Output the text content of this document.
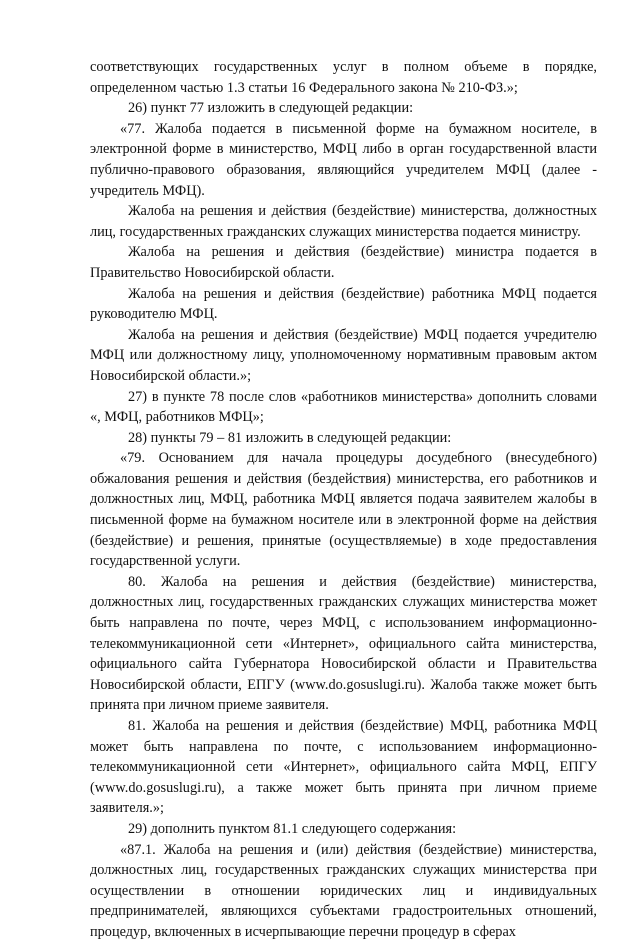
соответствующих государственных услуг в полном объеме в порядке, определенном частью 1.3 статьи 16 Федерального закона № 210-ФЗ.»;

26) пункт 77 изложить в следующей редакции:

«77. Жалоба подается в письменной форме на бумажном носителе, в электронной форме в министерство, МФЦ либо в орган государственной власти публично-правового образования, являющийся учредителем МФЦ (далее - учредитель МФЦ).

Жалоба на решения и действия (бездействие) министерства, должностных лиц, государственных гражданских служащих министерства подается министру.

Жалоба на решения и действия (бездействие) министра подается в Правительство Новосибирской области.

Жалоба на решения и действия (бездействие) работника МФЦ подается руководителю МФЦ.

Жалоба на решения и действия (бездействие) МФЦ подается учредителю МФЦ или должностному лицу, уполномоченному нормативным правовым актом Новосибирской области.»;

27) в пункте 78 после слов «работников министерства» дополнить словами «, МФЦ, работников МФЦ»;

28) пункты 79 – 81 изложить в следующей редакции:

«79. Основанием для начала процедуры досудебного (внесудебного) обжалования решения и действия (бездействия) министерства, его работников и должностных лиц, МФЦ, работника МФЦ является подача заявителем жалобы в письменной форме на бумажном носителе или в электронной форме на действия (бездействие) и решения, принятые (осуществляемые) в ходе предоставления государственной услуги.

80. Жалоба на решения и действия (бездействие) министерства, должностных лиц, государственных гражданских служащих министерства может быть направлена по почте, через МФЦ, с использованием информационно-телекоммуникационной сети «Интернет», официального сайта министерства, официального сайта Губернатора Новосибирской области и Правительства Новосибирской области, ЕПГУ (www.do.gosuslugi.ru). Жалоба также может быть принята при личном приеме заявителя.

81. Жалоба на решения и действия (бездействие) МФЦ, работника МФЦ может быть направлена по почте, с использованием информационно-телекоммуникационной сети «Интернет», официального сайта МФЦ, ЕПГУ (www.do.gosuslugi.ru), а также может быть принята при личном приеме заявителя.»;

29) дополнить пунктом 81.1 следующего содержания:

«87.1. Жалоба на решения и (или) действия (бездействие) министерства, должностных лиц, государственных гражданских служащих министерства при осуществлении в отношении юридических лиц и индивидуальных предпринимателей, являющихся субъектами градостроительных отношений, процедур, включенных в исчерпывающие перечни процедур в сферах
